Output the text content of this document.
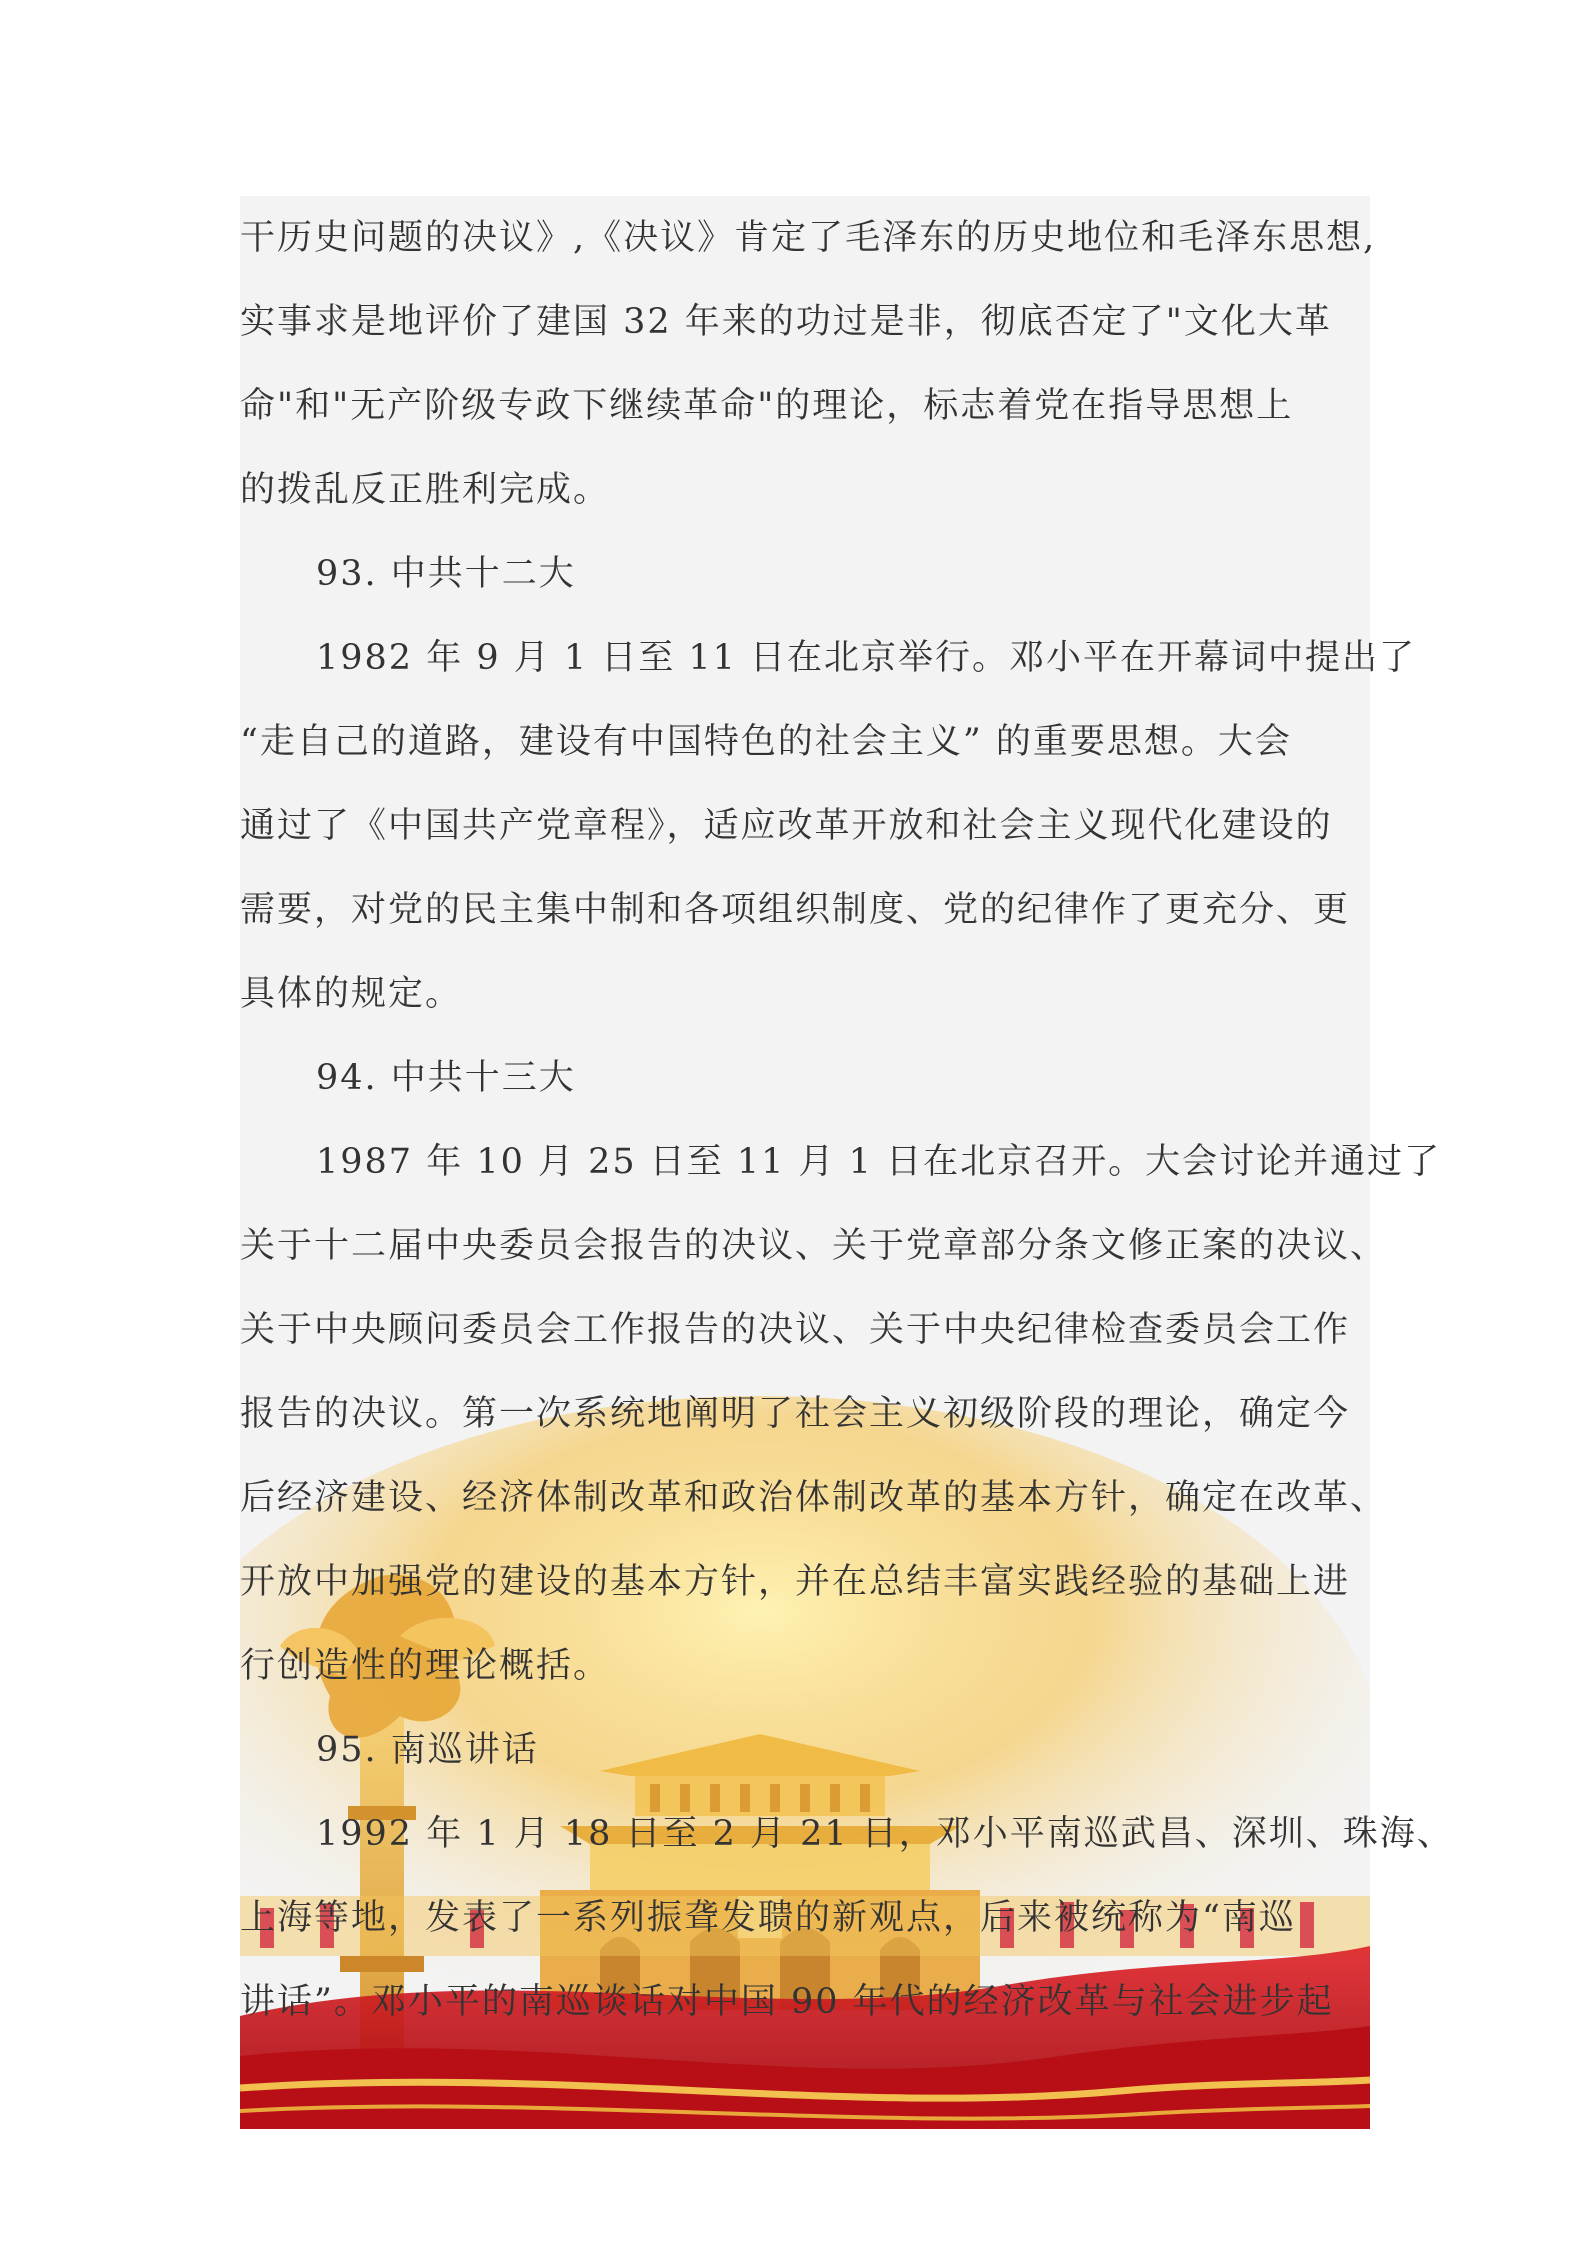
干历史问题的决议》,《决议》肯定了毛泽东的历史地位和毛泽东思想,
实事求是地评价了建国 32 年来的功过是非，彻底否定了"文化大革
命"和"无产阶级专政下继续革命"的理论，标志着党在指导思想上
的拨乱反正胜利完成。
93. 中共十二大
1982 年 9 月 1 日至 11 日在北京举行。邓小平在开幕词中提出了
“走自己的道路，建设有中国特色的社会主义” 的重要思想。大会
通过了《中国共产党章程》，适应改革开放和社会主义现代化建设的
需要，对党的民主集中制和各项组织制度、党的纪律作了更充分、更
具体的规定。
94. 中共十三大
1987 年 10 月 25 日至 11 月 1 日在北京召开。大会讨论并通过了
关于十二届中央委员会报告的决议、关于党章部分条文修正案的决议、
关于中央顾问委员会工作报告的决议、关于中央纪律检查委员会工作
报告的决议。第一次系统地阐明了社会主义初级阶段的理论，确定今
后经济建设、经济体制改革和政治体制改革的基本方针，确定在改革、
开放中加强党的建设的基本方针，并在总结丰富实践经验的基础上进
行创造性的理论概括。
95. 南巡讲话
1992 年 1 月 18 日至 2 月 21 日，邓小平南巡武昌、深圳、珠海、
上海等地，发表了一系列振聋发聩的新观点，后来被统称为“南巡
讲话”。邓小平的南巡谈话对中国 90 年代的经济改革与社会进步起
